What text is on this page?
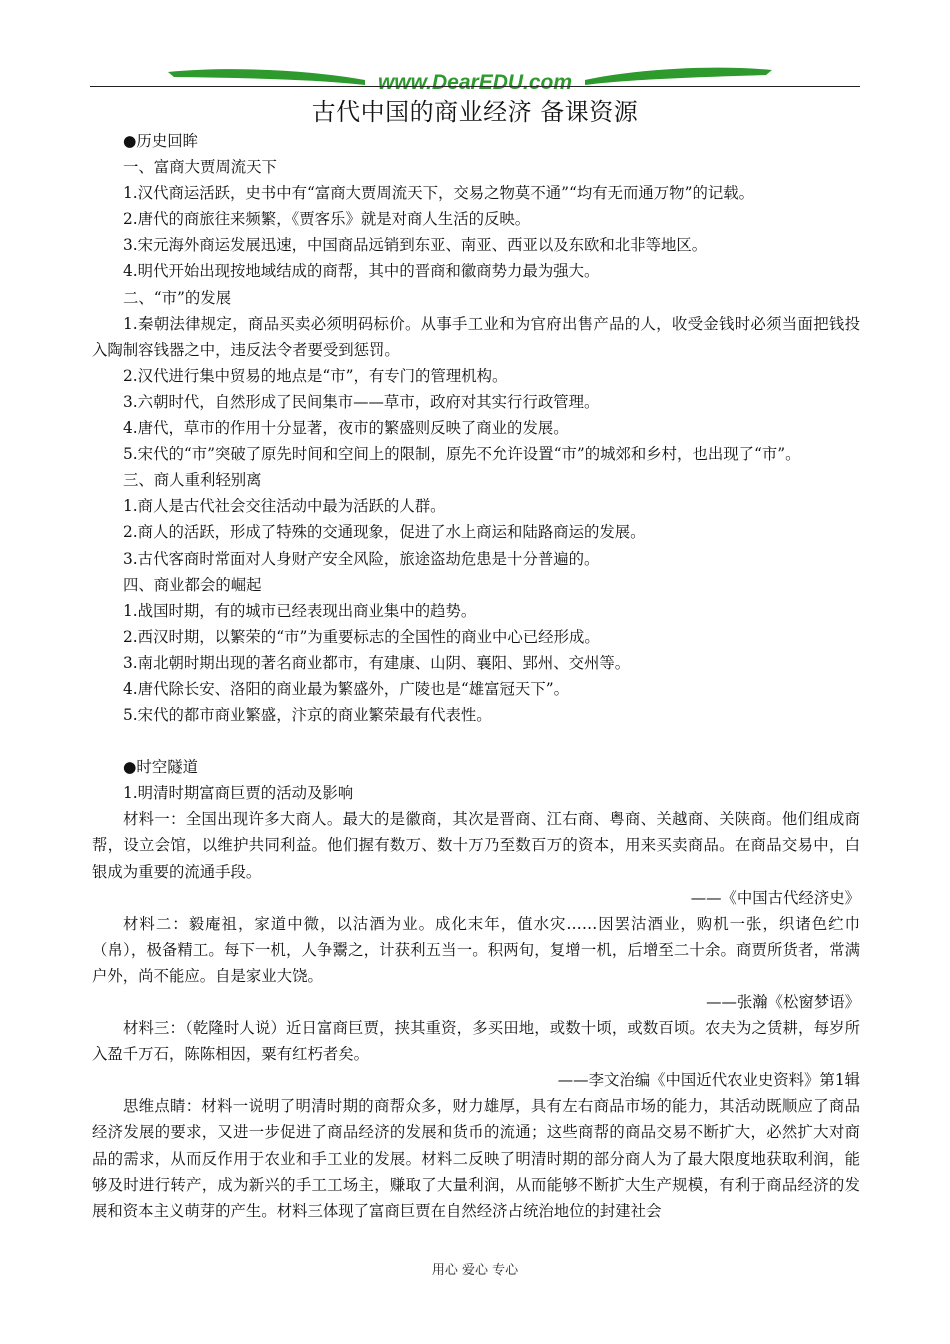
www.DearEDU.com
古代中国的商业经济 备课资源

●历史回眸

一、富商大贾周流天下

1.汉代商运活跃，史书中有“富商大贾周流天下，交易之物莫不通”“均有无而通万物”的记载。

2.唐代的商旅往来频繁，《贾客乐》就是对商人生活的反映。

3.宋元海外商运发展迅速，中国商品远销到东亚、南亚、西亚以及东欧和北非等地区。

4.明代开始出现按地域结成的商帮，其中的晋商和徽商势力最为强大。

二、“市”的发展

1.秦朝法律规定，商品买卖必须明码标价。从事手工业和为官府出售产品的人，收受金钱时必须当面把钱投入陶制容钱器之中，违反法令者要受到惩罚。

2.汉代进行集中贸易的地点是“市”，有专门的管理机构。

3.六朝时代，自然形成了民间集市——草市，政府对其实行行政管理。

4.唐代，草市的作用十分显著，夜市的繁盛则反映了商业的发展。

5.宋代的“市”突破了原先时间和空间上的限制，原先不允许设置“市”的城郊和乡村，也出现了“市”。

三、商人重利轻别离

1.商人是古代社会交往活动中最为活跃的人群。

2.商人的活跃，形成了特殊的交通现象，促进了水上商运和陆路商运的发展。

3.古代客商时常面对人身财产安全风险，旅途盗劫危患是十分普遍的。

四、商业都会的崛起

1.战国时期，有的城市已经表现出商业集中的趋势。

2.西汉时期，以繁荣的“市”为重要标志的全国性的商业中心已经形成。

3.南北朝时期出现的著名商业都市，有建康、山阴、襄阳、郢州、交州等。

4.唐代除长安、洛阳的商业最为繁盛外，广陵也是“雄富冠天下”。

5.宋代的都市商业繁盛，汴京的商业繁荣最有代表性。

●时空隧道

1.明清时期富商巨贾的活动及影响

材料一：全国出现许多大商人。最大的是徽商，其次是晋商、江右商、粤商、关越商、关陕商。他们组成商帮，设立会馆，以维护共同利益。他们握有数万、数十万乃至数百万的资本，用来买卖商品。在商品交易中，白银成为重要的流通手段。

——《中国古代经济史》

材料二：毅庵祖，家道中微，以沽酒为业。成化末年，值水灾……因罢沽酒业，购机一张，织诸色纻巾（帛），极备精工。每下一机，人争鬻之，计获利五当一。积两旬，复增一机，后增至二十余。商贾所货者，常满户外，尚不能应。自是家业大饶。

——张瀚《松窗梦语》

材料三：（乾隆时人说）近日富商巨贾，挟其重资，多买田地，或数十顷，或数百顷。农夫为之赁耕，每岁所入盈千万石，陈陈相因，粟有红朽者矣。

——李文治编《中国近代农业史资料》第1辑

思维点睛：材料一说明了明清时期的商帮众多，财力雄厚，具有左右商品市场的能力，其活动既顺应了商品经济发展的要求，又进一步促进了商品经济的发展和货币的流通；这些商帮的商品交易不断扩大，必然扩大对商品的需求，从而反作用于农业和手工业的发展。材料二反映了明清时期的部分商人为了最大限度地获取利润，能够及时进行转产，成为新兴的手工工场主，赚取了大量利润，从而能够不断扩大生产规模，有利于商品经济的发展和资本主义萌芽的产生。材料三体现了富商巨贾在自然经济占统治地位的封建社会

用心 爱心 专心
